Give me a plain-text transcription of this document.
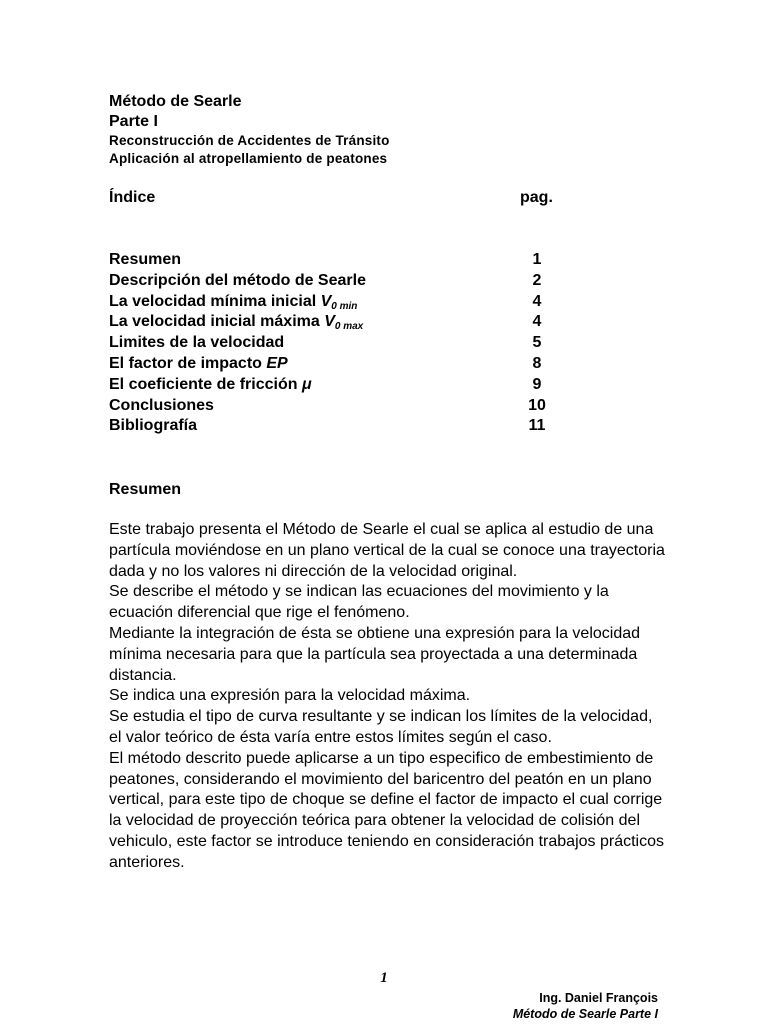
Método de Searle
Parte I
Reconstrucción de Accidentes de Tránsito
Aplicación al atropellamiento de peatones
Índice	pag.
Resumen	1
Descripción del método de Searle	2
La velocidad mínima inicial $V_{0 min}$	4
La velocidad inicial máxima $V_{0 max}$	4
Limites de la velocidad	5
El factor de impacto EP	8
El coeficiente de fricción μ	9
Conclusiones	10
Bibliografía	11
Resumen

Este trabajo presenta el Método de Searle el cual se aplica al estudio de una partícula moviéndose en un plano vertical de la cual se conoce una trayectoria dada y no los valores ni dirección de la velocidad original.

Se describe el método y se indican las ecuaciones del movimiento y la ecuación diferencial que rige el fenómeno.

Mediante la integración de ésta se obtiene una expresión para la velocidad mínima necesaria para que la partícula sea proyectada a una determinada distancia.

Se indica una expresión para la velocidad máxima.

Se estudia el tipo de curva resultante y se indican los límites de la velocidad, el valor teórico de ésta varía entre estos límites según el caso.

El método descrito puede aplicarse a un tipo especifico de embestimiento de peatones, considerando el movimiento del baricentro del peatón en un plano vertical, para este tipo de choque se define el factor de impacto el cual corrige la velocidad de proyección teórica para obtener la velocidad de colisión del vehiculo, este factor se introduce teniendo en consideración trabajos prácticos anteriores.

1
Ing. Daniel François
Método de Searle Parte I
